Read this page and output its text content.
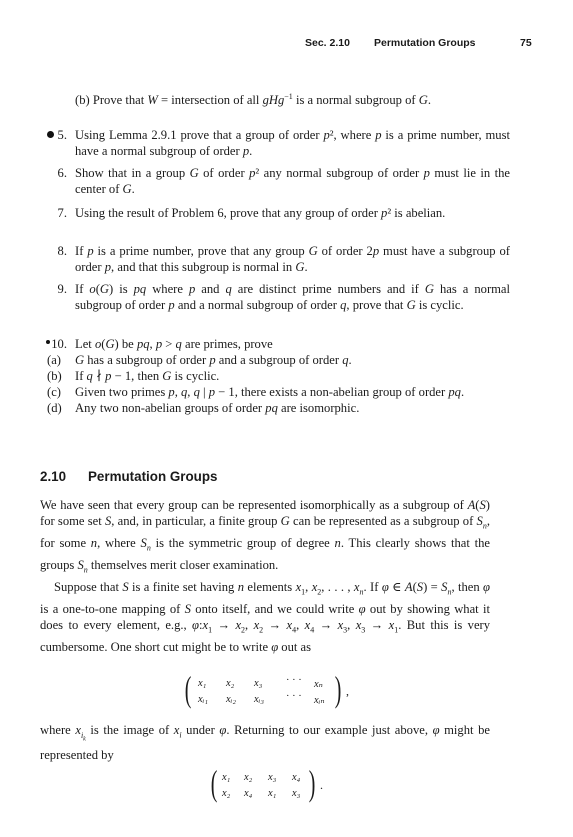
Sec. 2.10 Permutation Groups	75
(b) Prove that W = intersection of all gHg$^{-1}$ is a normal subgroup of G.
5. Using Lemma 2.9.1 prove that a group of order p², where p is a prime number, must have a normal subgroup of order p.
6. Show that in a group G of order p² any normal subgroup of order p must lie in the center of G.
7. Using the result of Problem 6, prove that any group of order p² is abelian.
8. If p is a prime number, prove that any group G of order 2p must have a subgroup of order p, and that this subgroup is normal in G.
9. If o(G) is pq where p and q are distinct prime numbers and if G has a normal subgroup of order p and a normal subgroup of order q, prove that G is cyclic.
10. Let o(G) be pq, p > q are primes, prove
(a)	G has a subgroup of order p and a subgroup of order q.
(b)	If q ∤ p − 1, then G is cyclic.
(c)	Given two primes p, q, q | p − 1, there exists a non-abelian group of order pq.
(d)	Any two non-abelian groups of order pq are isomorphic.
2.10 Permutation Groups
We have seen that every group can be represented isomorphically as a subgroup of A(S) for some set S, and, in particular, a finite group G can be represented as a subgroup of $S_n$, for some n, where $S_n$ is the symmetric group of degree n. This clearly shows that the groups $S_n$ themselves merit closer examination.
Suppose that S is a finite set having n elements $x_1$, $x_2$, . . . , $x_n$. If φ ∈ $A(S) = S_n$, then φ is a one-to-one mapping of S onto itself, and we could write φ out by showing what it does to every element, e.g., $\varphi:x_1 \to x_2$, $x_2 \to x_4$, $x_4 \to x_3$, $x_3 \to x_1$. But this is very cumbersome. One short cut might be to write φ out as
( x₁ x₂ x₃ · · · xₙ
xᵢ₁ xᵢ₂ xᵢ₃ · · · xᵢₙ ) ,
where $x_{i_k}$ is the image of $x_i$ under φ. Returning to our example just above, φ might be represented by
( x₁ x₂ x₃ x₄
x₂ x₄ x₁ x₃ ) .
